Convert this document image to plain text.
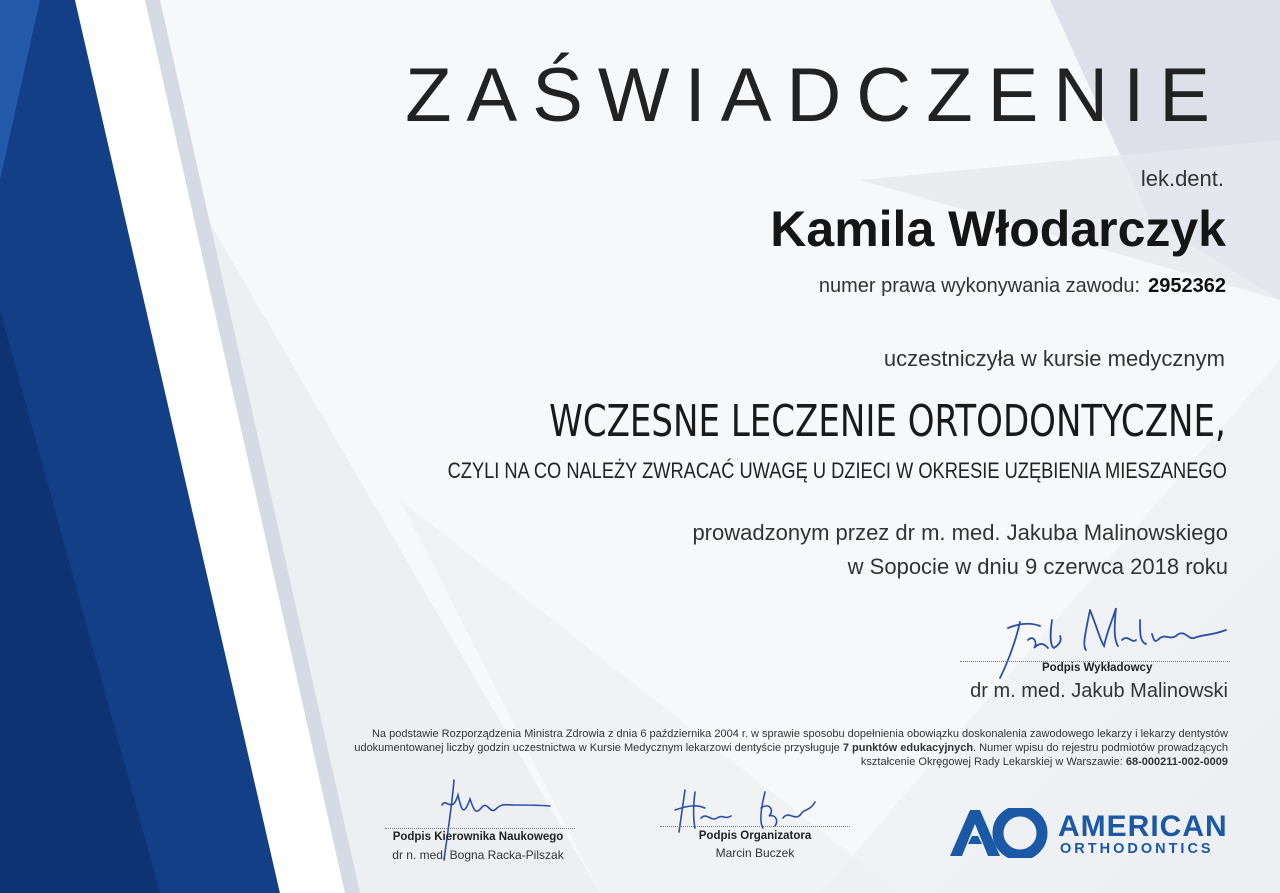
ZAŚWIADCZENIE
lek.dent.
Kamila Włodarczyk
numer prawa wykonywania zawodu: 2952362
uczestniczyła w kursie medycznym
WCZESNE LECZENIE ORTODONTYCZNE,
CZYLI NA CO NALEŻY ZWRACAĆ UWAGĘ U DZIECI W OKRESIE UZĘBIENIA MIESZANEGO
prowadzonym przez dr m. med. Jakuba Malinowskiego
w Sopocie w dniu 9 czerwca 2018 roku
Podpis Wykładowcy
dr m. med. Jakub Malinowski
Na podstawie Rozporządzenia Ministra Zdrowia z dnia 6 października 2004 r. w sprawie sposobu dopełnienia obowiązku doskonalenia zawodowego lekarzy i lekarzy dentystów udokumentowanej liczby godzin uczestnictwa w Kursie Medycznym lekarzowi dentyście przysługuje 7 punktów edukacyjnych. Numer wpisu do rejestru podmiotów prowadzących kształcenie Okręgowej Rady Lekarskiej w Warszawie: 68-000211-002-0009
Podpis Kierownika Naukowego
dr n. med. Bogna Racka-Pilszak
Podpis Organizatora
Marcin Buczek
AMERICAN
ORTHODONTICS
